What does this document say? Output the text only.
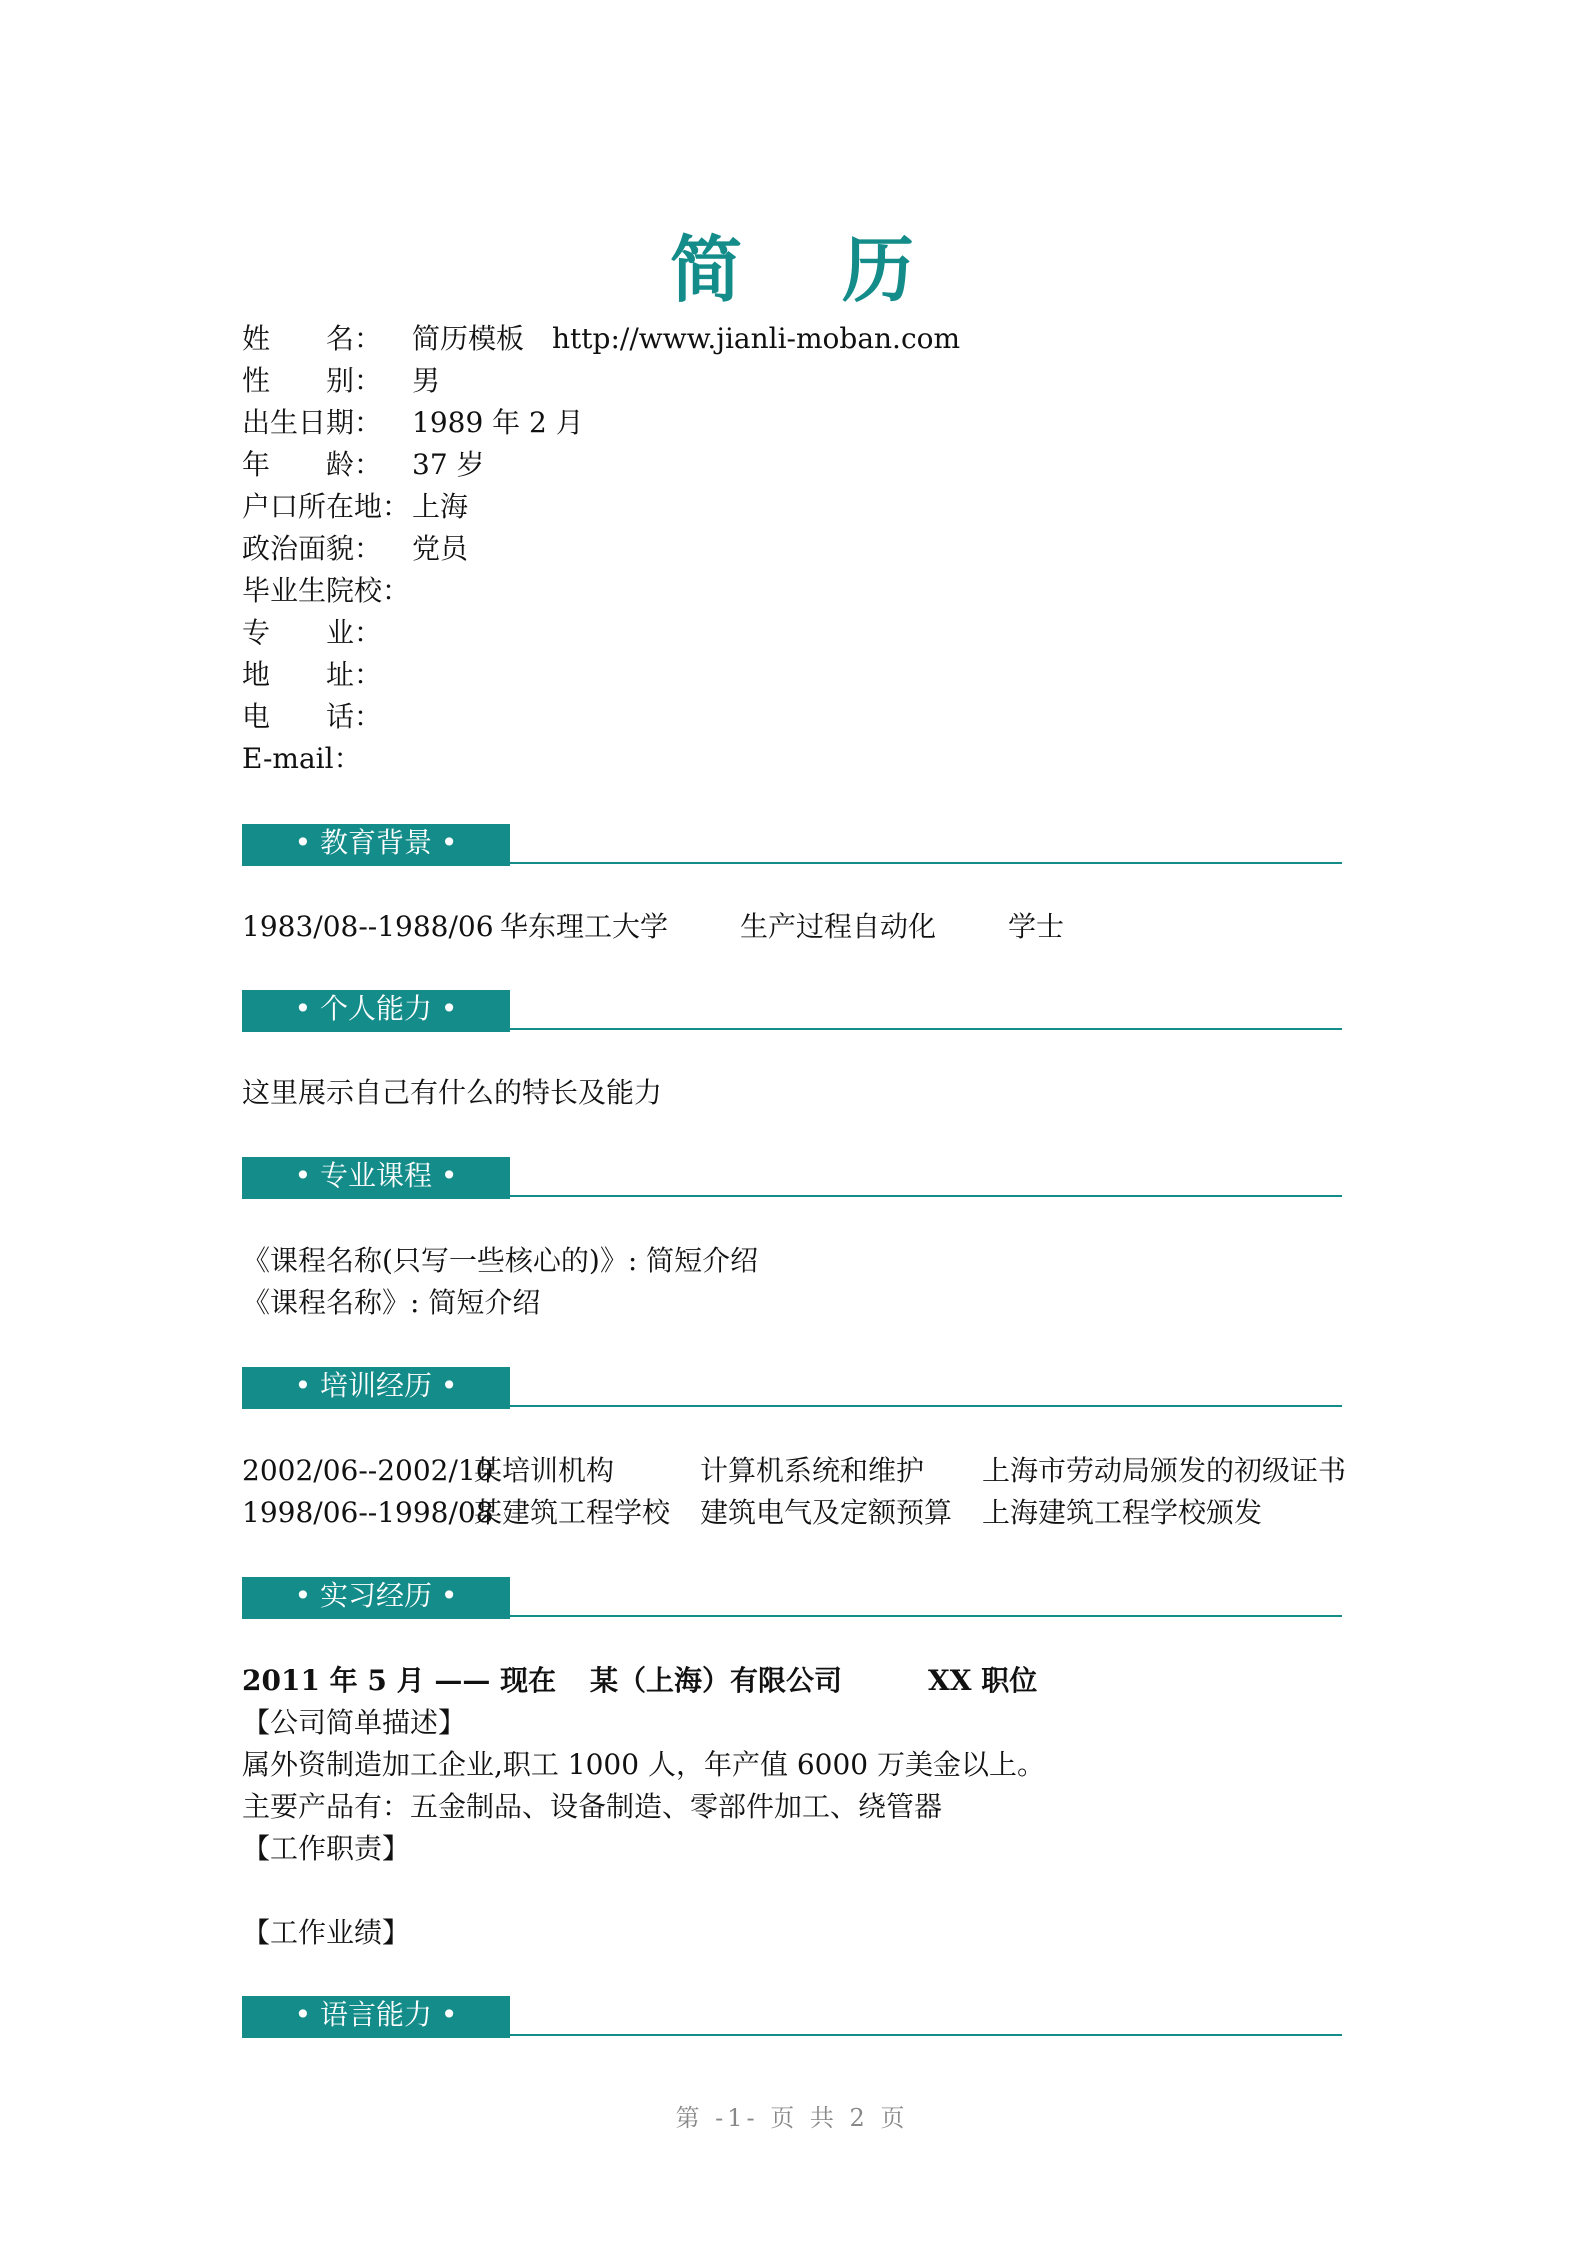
简 历
姓　　名： 简历模板 http://www.jianli-moban.com
性　　别： 男
出生日期： 1989 年 2 月
年　　龄： 37 岁
户口所在地：上海
政治面貌： 党员
毕业生院校：
专　　业：
地　　址：
电　　话：
E-mail：
• 教育背景 •
1983/08--1988/06 华东理工大学	生产过程自动化	学士
• 个人能力 •
这里展示自己有什么的特长及能力
• 专业课程 •
《课程名称(只写一些核心的)》: 简短介绍
《课程名称》: 简短介绍
• 培训经历 •
2002/06--2002/10某培训机构	计算机系统和维护 上海市劳动局颁发的初级证书
1998/06--1998/08某建筑工程学校 建筑电气及定额预算 上海建筑工程学校颁发
• 实习经历 •
2011 年 5 月 —— 现在 某（上海）有限公司	XX 职位
【公司简单描述】
属外资制造加工企业,职工 1000 人，年产值 6000 万美金以上。
主要产品有：五金制品、设备制造、零部件加工、绕管器
【工作职责】
【工作业绩】
• 语言能力 •
第 -1- 页 共 2 页
